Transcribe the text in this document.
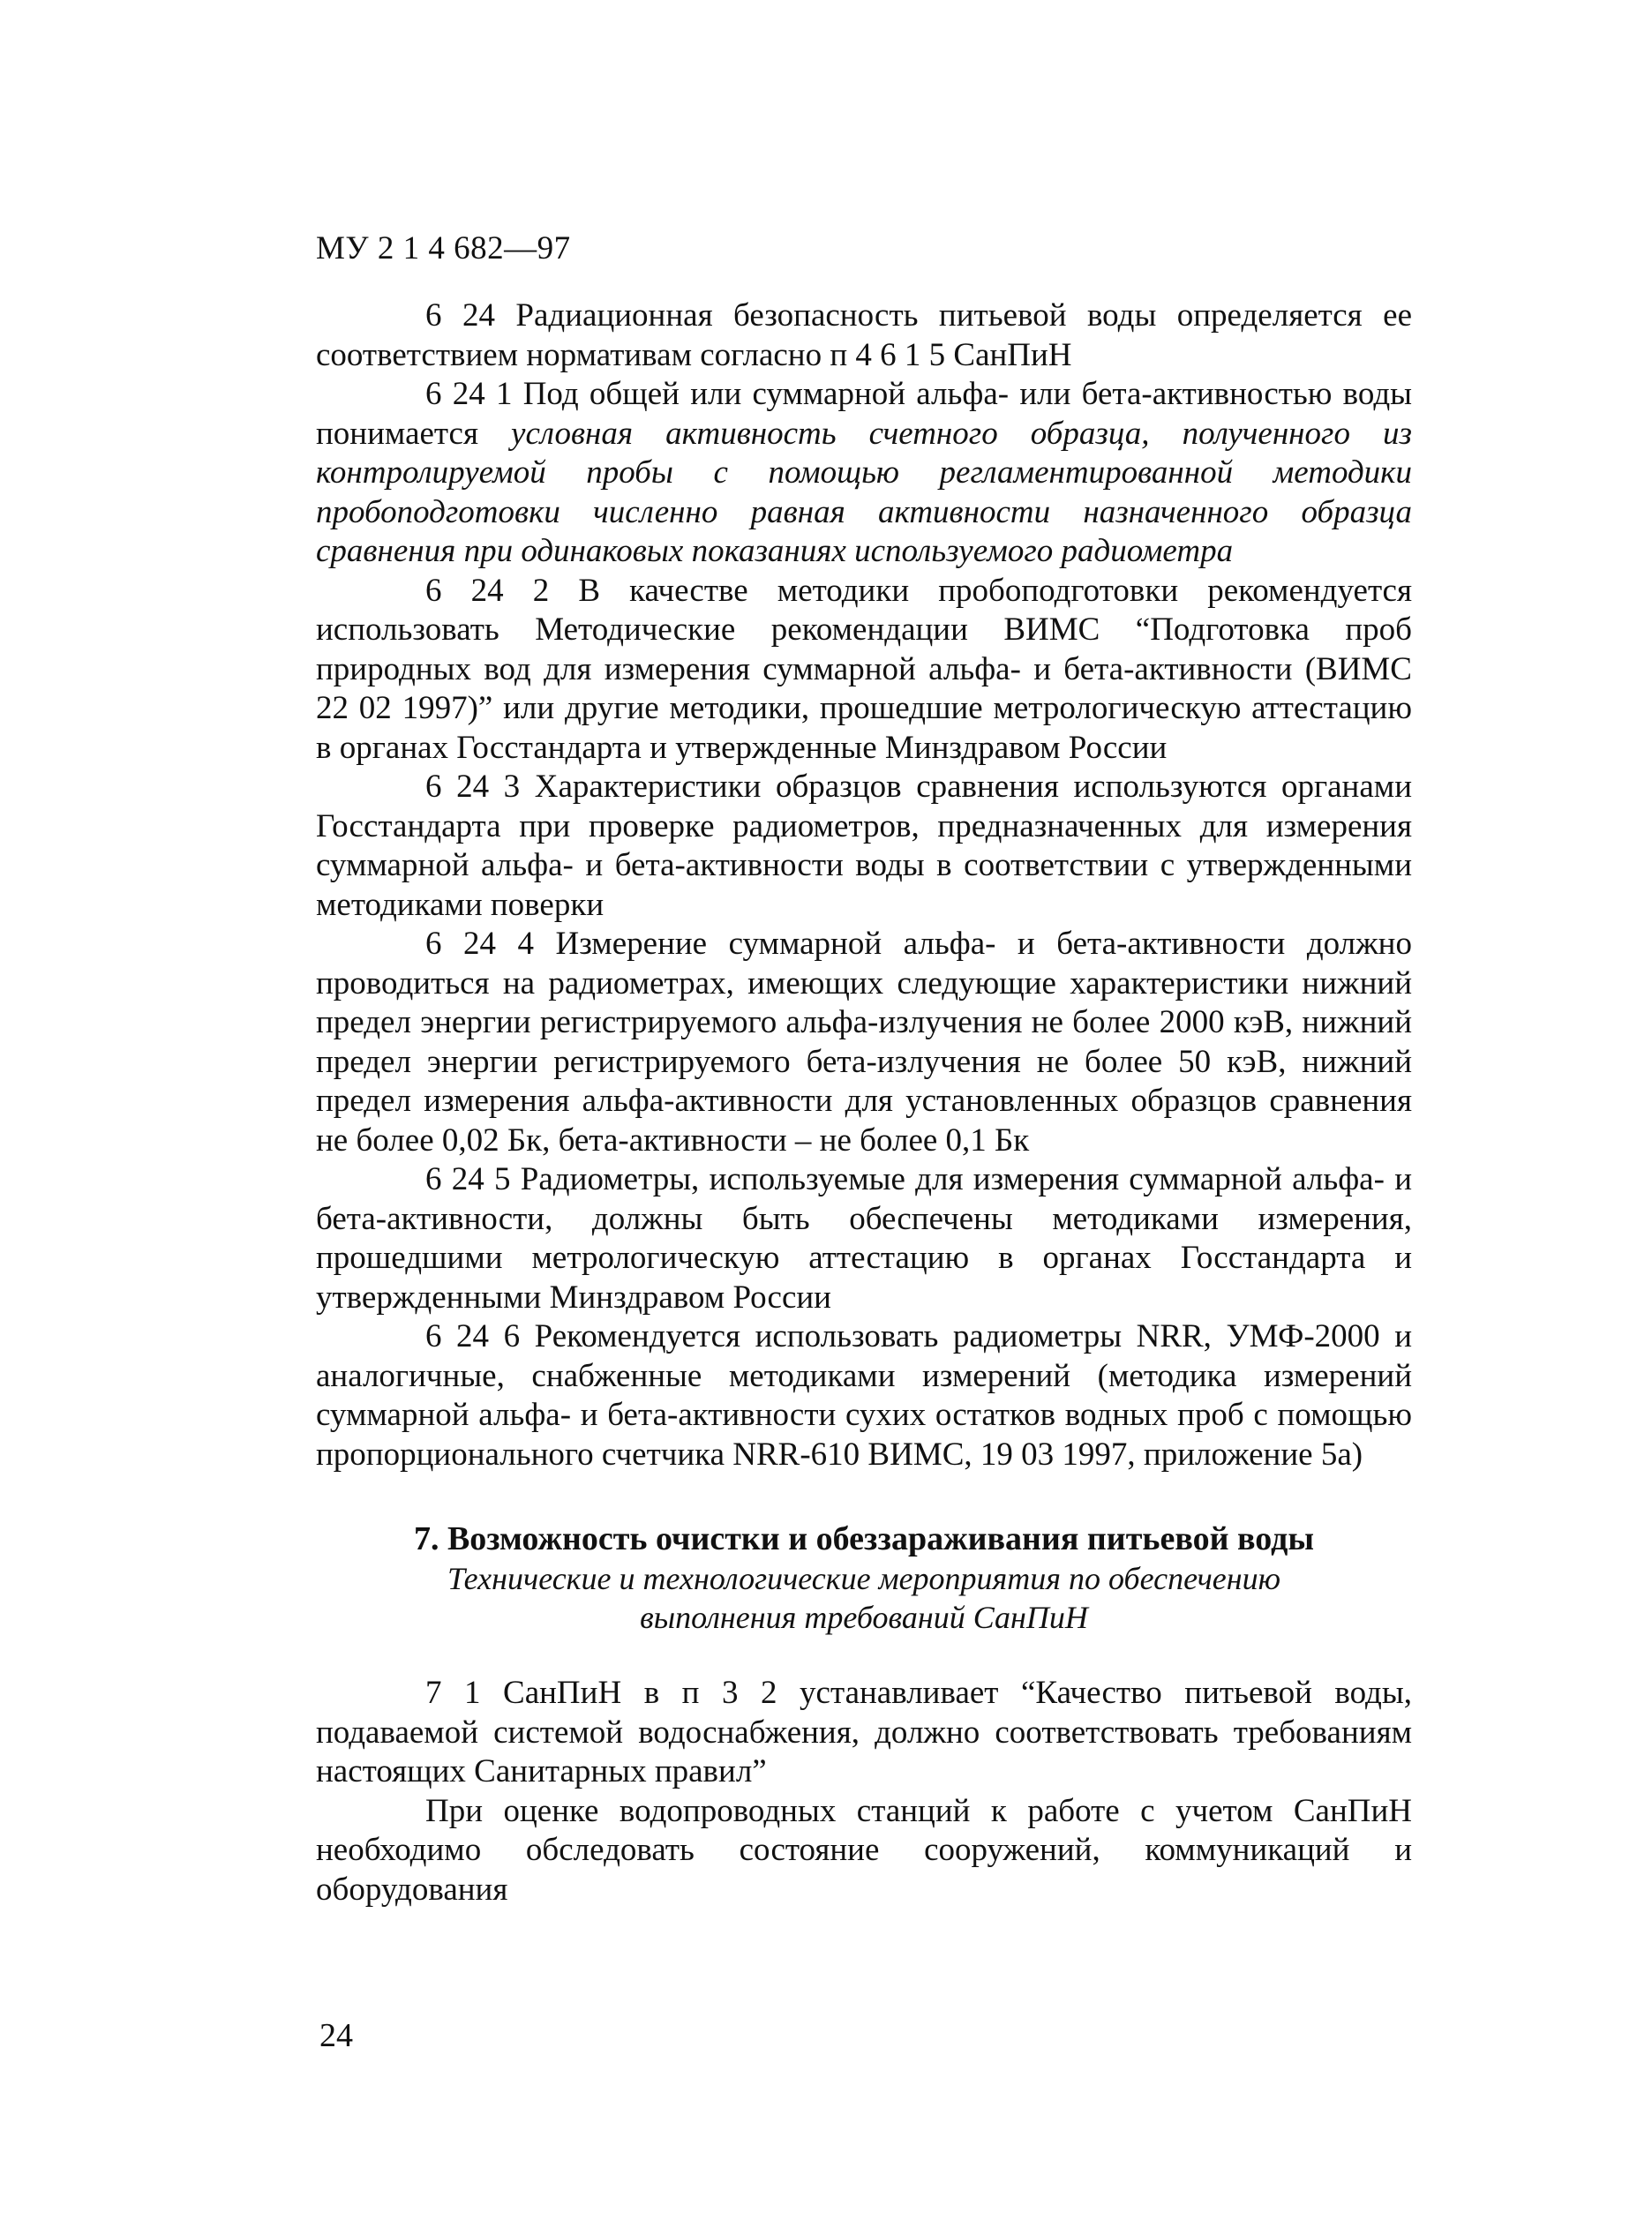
МУ 2 1 4 682—97

6 24 Радиационная безопасность питьевой воды определяется ее соответствием нормативам согласно п 4 6 1 5 СанПиН

6 24 1 Под общей или суммарной альфа- или бета-активностью воды понимается условная активность счетного образца, полученного из контролируемой пробы с помощью регламентированной методики пробоподготовки численно равная активности назначенного образца сравнения при одинаковых показаниях используемого радиометра

6 24 2 В качестве методики пробоподготовки рекомендуется использовать Методические рекомендации ВИМС “Подготовка проб природных вод для измерения суммарной альфа- и бета-активности (ВИМС 22 02 1997)” или другие методики, прошедшие метрологическую аттестацию в органах Госстандарта и утвержденные Минздравом России

6 24 3 Характеристики образцов сравнения используются органами Госстандарта при проверке радиометров, предназначенных для измерения суммарной альфа- и бета-активности воды в соответствии с утвержденными методиками поверки

6 24 4 Измерение суммарной альфа- и бета-активности должно проводиться на радиометрах, имеющих следующие характеристики нижний предел энергии регистрируемого альфа-излучения не более 2000 кэВ, нижний предел энергии регистрируемого бета-излучения не более 50 кэВ, нижний предел измерения альфа-активности для установленных образцов сравнения не более 0,02 Бк, бета-активности – не более 0,1 Бк

6 24 5 Радиометры, используемые для измерения суммарной альфа- и бета-активности, должны быть обеспечены методиками измерения, прошедшими метрологическую аттестацию в органах Госстандарта и утвержденными Минздравом России

6 24 6 Рекомендуется использовать радиометры NRR, УМФ-2000 и аналогичные, снабженные методиками измерений (методика измерений суммарной альфа- и бета-активности сухих остатков водных проб с помощью пропорционального счетчика NRR-610 ВИМС, 19 03 1997, приложение 5а)

7. Возможность очистки и обеззараживания питьевой воды

Технические и технологические мероприятия по обеспечению

выполнения требований СанПиН

7 1 СанПиН в п 3 2 устанавливает “Качество питьевой воды, подаваемой системой водоснабжения, должно соответствовать требованиям настоящих Санитарных правил”

При оценке водопроводных станций к работе с учетом СанПиН необходимо обследовать состояние сооружений, коммуникаций и оборудования

24
